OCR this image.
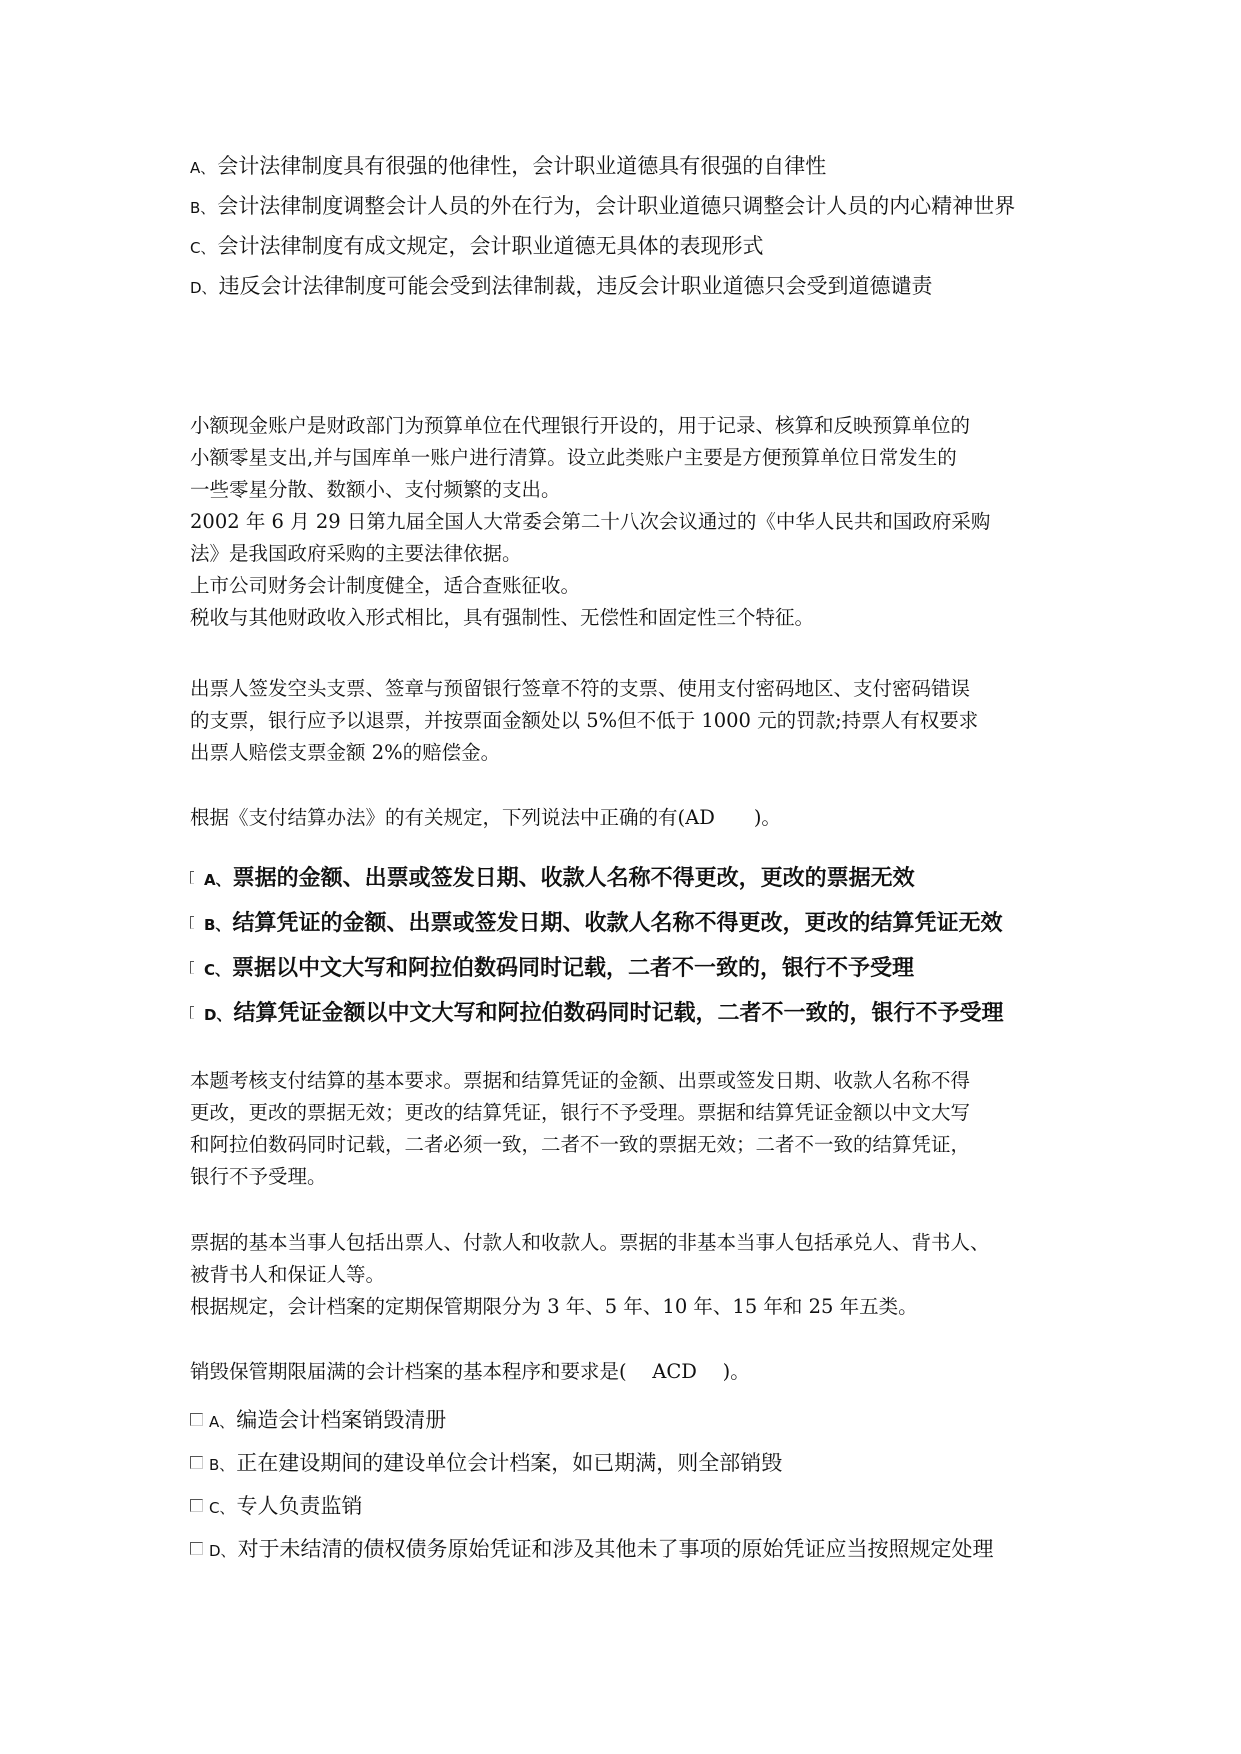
A、会计法律制度具有很强的他律性，会计职业道德具有很强的自律性
B、会计法律制度调整会计人员的外在行为，会计职业道德只调整会计人员的内心精神世界
C、会计法律制度有成文规定，会计职业道德无具体的表现形式
D、违反会计法律制度可能会受到法律制裁，违反会计职业道德只会受到道德谴责
小额现金账户是财政部门为预算单位在代理银行开设的，用于记录、核算和反映预算单位的
小额零星支出,并与国库单一账户进行清算。设立此类账户主要是方便预算单位日常发生的
一些零星分散、数额小、支付频繁的支出。
2002 年 6 月 29 日第九届全国人大常委会第二十八次会议通过的《中华人民共和国政府采购
法》是我国政府采购的主要法律依据。
上市公司财务会计制度健全，适合查账征收。
税收与其他财政收入形式相比，具有强制性、无偿性和固定性三个特征。
出票人签发空头支票、签章与预留银行签章不符的支票、使用支付密码地区、支付密码错误
的支票，银行应予以退票，并按票面金额处以 5%但不低于 1000 元的罚款;持票人有权要求
出票人赔偿支票金额 2%的赔偿金。
根据《支付结算办法》的有关规定，下列说法中正确的有(AD　　)。
A、票据的金额、出票或签发日期、收款人名称不得更改，更改的票据无效
B、结算凭证的金额、出票或签发日期、收款人名称不得更改，更改的结算凭证无效
C、票据以中文大写和阿拉伯数码同时记载，二者不一致的，银行不予受理
D、结算凭证金额以中文大写和阿拉伯数码同时记载，二者不一致的，银行不予受理
本题考核支付结算的基本要求。票据和结算凭证的金额、出票或签发日期、收款人名称不得
更改，更改的票据无效；更改的结算凭证，银行不予受理。票据和结算凭证金额以中文大写
和阿拉伯数码同时记载，二者必须一致，二者不一致的票据无效；二者不一致的结算凭证，
银行不予受理。
票据的基本当事人包括出票人、付款人和收款人。票据的非基本当事人包括承兑人、背书人、
被背书人和保证人等。
根据规定，会计档案的定期保管期限分为 3 年、5 年、10 年、15 年和 25 年五类。
销毁保管期限届满的会计档案的基本程序和要求是(　 ACD　 )。
A、编造会计档案销毁清册
B、正在建设期间的建设单位会计档案，如已期满，则全部销毁
C、专人负责监销
D、对于未结清的债权债务原始凭证和涉及其他未了事项的原始凭证应当按照规定处理
